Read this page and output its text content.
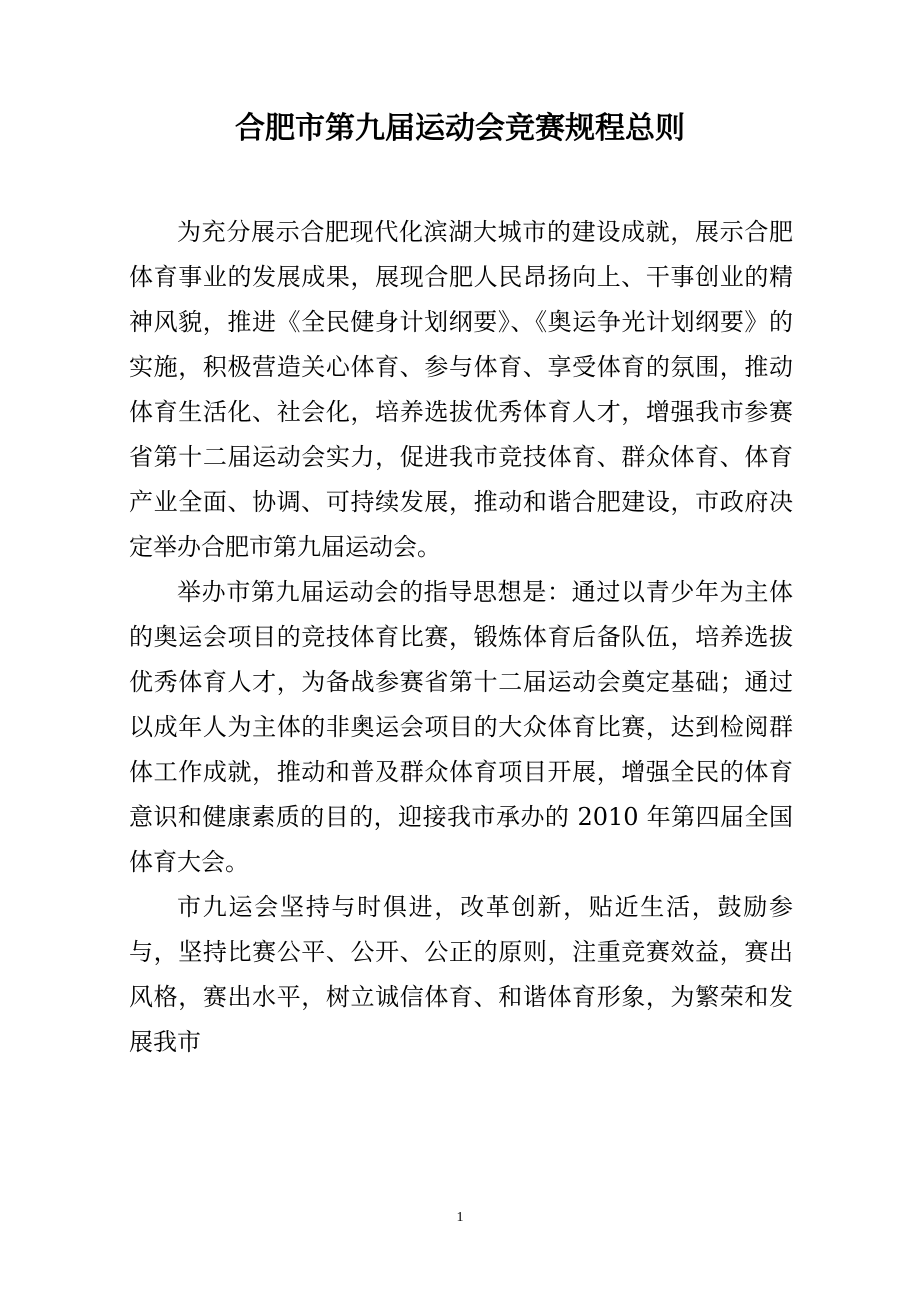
合肥市第九届运动会竞赛规程总则

为充分展示合肥现代化滨湖大城市的建设成就，展示合肥体育事业的发展成果，展现合肥人民昂扬向上、干事创业的精神风貌，推进《全民健身计划纲要》、《奥运争光计划纲要》的实施，积极营造关心体育、参与体育、享受体育的氛围，推动体育生活化、社会化，培养选拔优秀体育人才，增强我市参赛省第十二届运动会实力，促进我市竞技体育、群众体育、体育产业全面、协调、可持续发展，推动和谐合肥建设，市政府决定举办合肥市第九届运动会。

举办市第九届运动会的指导思想是：通过以青少年为主体的奥运会项目的竞技体育比赛，锻炼体育后备队伍，培养选拔优秀体育人才，为备战参赛省第十二届运动会奠定基础；通过以成年人为主体的非奥运会项目的大众体育比赛，达到检阅群体工作成就，推动和普及群众体育项目开展，增强全民的体育意识和健康素质的目的，迎接我市承办的 2010 年第四届全国体育大会。

市九运会坚持与时俱进，改革创新，贴近生活，鼓励参与，坚持比赛公平、公开、公正的原则，注重竞赛效益，赛出风格，赛出水平，树立诚信体育、和谐体育形象，为繁荣和发展我市

1
